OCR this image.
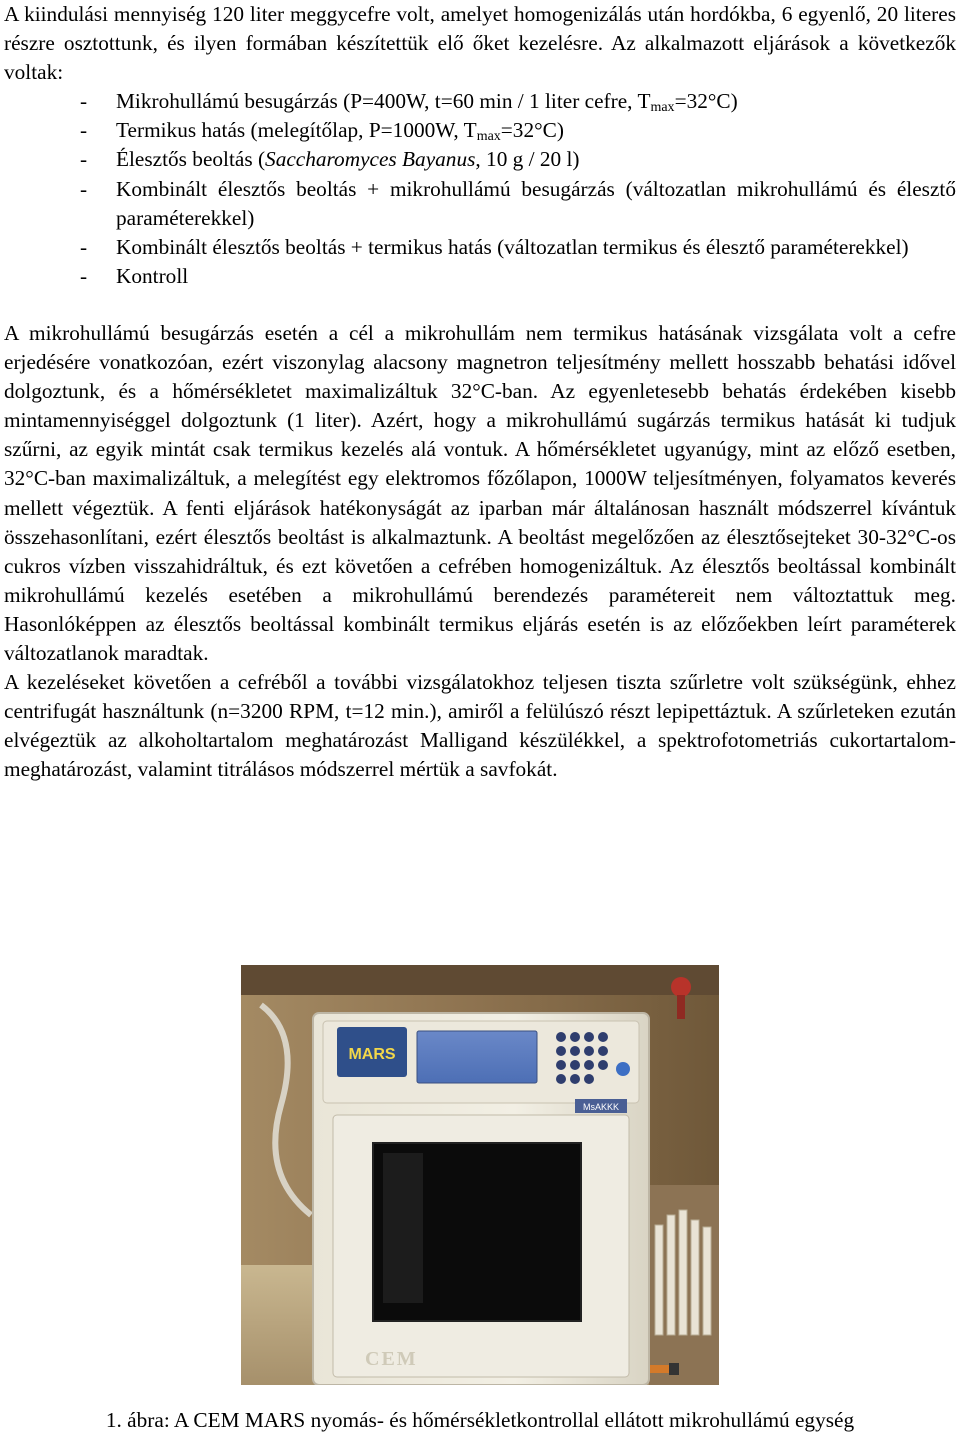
A kiindulási mennyiség 120 liter meggycefre volt, amelyet homogenizálás után hordókba, 6 egyenlő, 20 literes részre osztottunk, és ilyen formában készítettük elő őket kezelésre. Az alkalmazott eljárások a következők voltak:

- Mikrohullámú besugárzás (P=400W, t=60 min / 1 liter cefre, $T_{max}=32^\circ C$)
- Termikus hatás (melegítőlap, P=1000W, $T_{max}=32^\circ C$)
- Élesztős beoltás (Saccharomyces Bayanus, 10 g / 20 l)
- Kombinált élesztős beoltás + mikrohullámú besugárzás (változatlan mikrohullámú és élesztő paraméterekkel)
- Kombinált élesztős beoltás + termikus hatás (változatlan termikus és élesztő paraméterekkel)
- Kontroll

A mikrohullámú besugárzás esetén a cél a mikrohullám nem termikus hatásának vizsgálata volt a cefre erjedésére vonatkozóan, ezért viszonylag alacsony magnetron teljesítmény mellett hosszabb behatási idővel dolgoztunk, és a hőmérsékletet maximalizáltuk 32°C-ban. Az egyenletesebb behatás érdekében kisebb mintamennyiséggel dolgoztunk (1 liter). Azért, hogy a mikrohullámú sugárzás termikus hatását ki tudjuk szűrni, az egyik mintát csak termikus kezelés alá vontuk. A hőmérsékletet ugyanúgy, mint az előző esetben, 32°C-ban maximalizáltuk, a melegítést egy elektromos főzőlapon, 1000W teljesítményen, folyamatos keverés mellett végeztük. A fenti eljárások hatékonyságát az iparban már általánosan használt módszerrel kívántuk összehasonlítani, ezért élesztős beoltást is alkalmaztunk. A beoltást megelőzően az élesztősejteket 30-32°C-os cukros vízben visszahidráltuk, és ezt követően a cefrében homogenizáltuk. Az élesztős beoltással kombinált mikrohullámú kezelés esetében a mikrohullámú berendezés paramétereit nem változtattuk meg. Hasonlóképpen az élesztős beoltással kombinált termikus eljárás esetén is az előzőekben leírt paraméterek változatlanok maradtak.

A kezeléseket követően a cefréből a további vizsgálatokhoz teljesen tiszta szűrletre volt szükségünk, ehhez centrifugát használtunk (n=3200 RPM, t=12 min.), amiről a felülúszó részt lepipettáztuk. A szűrleteken ezután elvégeztük az alkoholtartalom meghatározást Malligand készülékkel, a spektrofotometriás cukortartalom-meghatározást, valamint titrálásos módszerrel mértük a savfokát.

MARS
MsAKKK
CEM
1. ábra: A CEM MARS nyomás- és hőmérsékletkontrollal ellátott mikrohullámú egység
